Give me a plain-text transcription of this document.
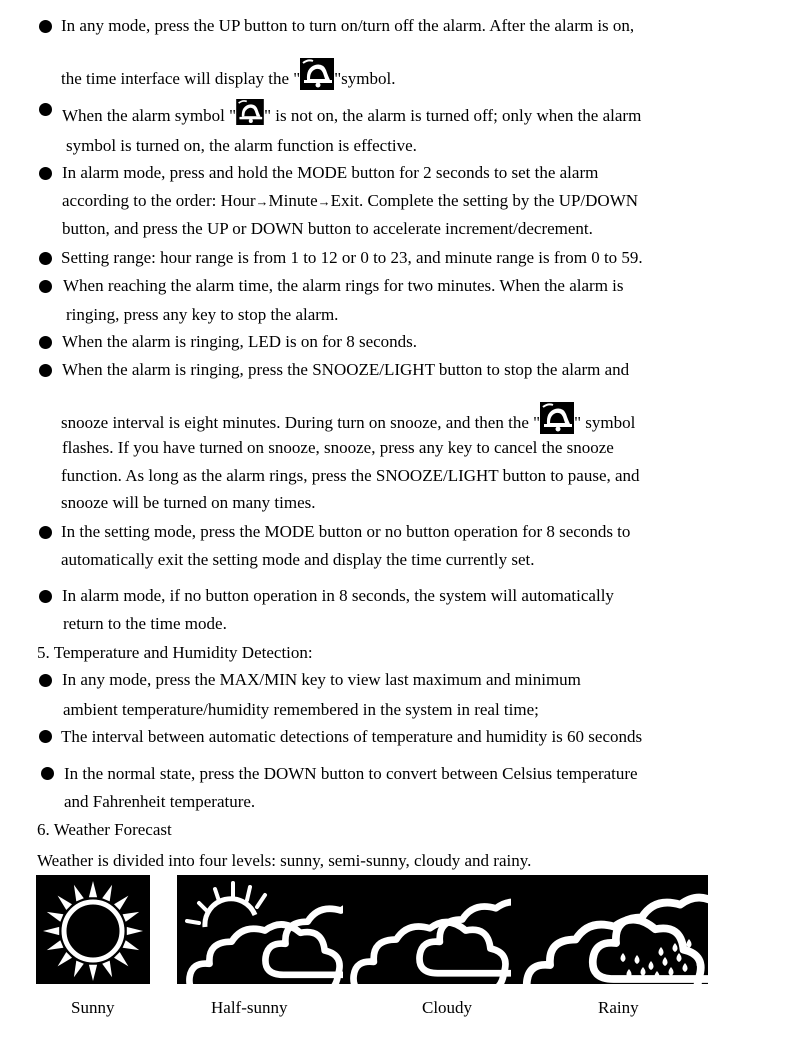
In any mode, press the UP button to turn on/turn off the alarm. After the alarm is on,
the time interface will display the " "symbol.
When the alarm symbol " " is not on, the alarm is turned off; only when the alarm
symbol is turned on, the alarm function is effective.
In alarm mode, press and hold the MODE button for 2 seconds to set the alarm
according to the order: Hour→Minute→Exit. Complete the setting by the UP/DOWN
button, and press the UP or DOWN button to accelerate increment/decrement.
Setting range: hour range is from 1 to 12 or 0 to 23, and minute range is from 0 to 59.
When reaching the alarm time, the alarm rings for two minutes. When the alarm is
ringing, press any key to stop the alarm.
When the alarm is ringing, LED is on for 8 seconds.
When the alarm is ringing, press the SNOOZE/LIGHT button to stop the alarm and
snooze interval is eight minutes. During turn on snooze, and then the " " symbol
flashes. If you have turned on snooze, snooze, press any key to cancel the snooze
function. As long as the alarm rings, press the SNOOZE/LIGHT button to pause, and
snooze will be turned on many times.
In the setting mode, press the MODE button or no button operation for 8 seconds to
automatically exit the setting mode and display the time currently set.
In alarm mode, if no button operation in 8 seconds, the system will automatically
return to the time mode.
5. Temperature and Humidity Detection:
In any mode, press the MAX/MIN key to view last maximum and minimum
ambient temperature/humidity remembered in the system in real time;
The interval between automatic detections of temperature and humidity is 60 seconds
In the normal state, press the DOWN button to convert between Celsius temperature
and Fahrenheit temperature.
6. Weather Forecast
Weather is divided into four levels: sunny, semi-sunny, cloudy and rainy.
Sunny	Half-sunny	Cloudy	Rainy
